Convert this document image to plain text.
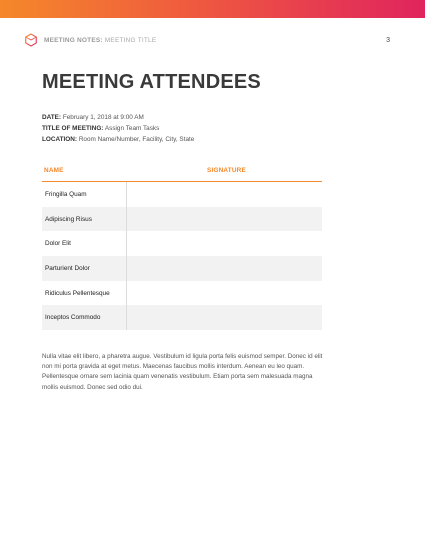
MEETING NOTES: MEETING TITLE	3
MEETING ATTENDEES
DATE: February 1, 2018 at 9:00 AM
TITLE OF MEETING: Assign Team Tasks
LOCATION: Room Name/Number, Facility, City, State
NAME	SIGNATURE
Fringilla Quam
Adipiscing Risus
Dolor Elit
Parturient Dolor
Ridiculus Pellentesque
Inceptos Commodo

Nulla vitae elit libero, a pharetra augue. Vestibulum id ligula porta felis euismod semper. Donec id elit non mi porta gravida at eget metus. Maecenas faucibus mollis interdum. Aenean eu leo quam. Pellentesque ornare sem lacinia quam venenatis vestibulum. Etiam porta sem malesuada magna mollis euismod. Donec sed odio dui.
